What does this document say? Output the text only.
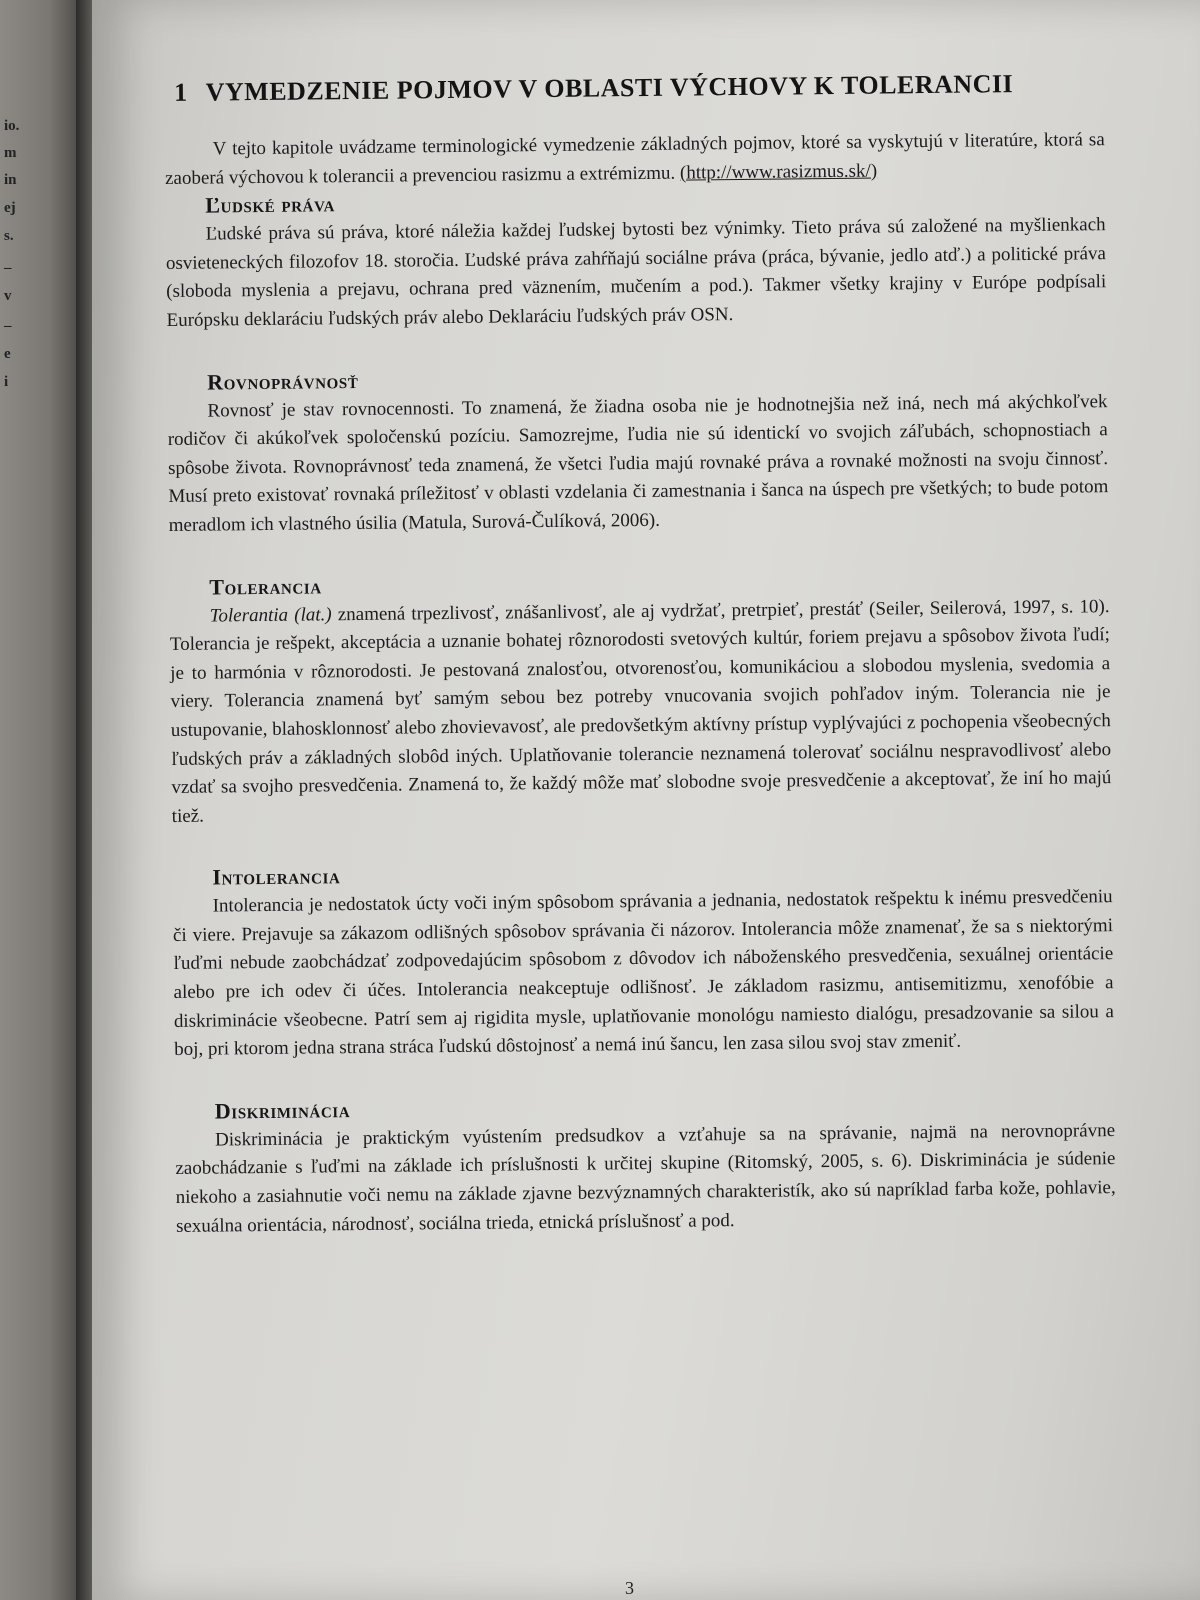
io.
m
in
ej
s.
–
v
–
e
i
1 VYMEDZENIE POJMOV V OBLASTI VÝCHOVY K TOLERANCII

V tejto kapitole uvádzame terminologické vymedzenie základných pojmov, ktoré sa vyskytujú v literatúre, ktorá sa zaoberá výchovou k tolerancii a prevenciou rasizmu a extrémizmu. (http://www.rasizmus.sk/)

Ľudské práva

Ľudské práva sú práva, ktoré náležia každej ľudskej bytosti bez výnimky. Tieto práva sú založené na myšlienkach osvieteneckých filozofov 18. storočia. Ľudské práva zahŕňajú sociálne práva (práca, bývanie, jedlo atď.) a politické práva (sloboda myslenia a prejavu, ochrana pred väznením, mučením a pod.). Takmer všetky krajiny v Európe podpísali Európsku deklaráciu ľudských práv alebo Deklaráciu ľudských práv OSN.

Rovnoprávnosť

Rovnosť je stav rovnocennosti. To znamená, že žiadna osoba nie je hodnotnejšia než iná, nech má akýchkoľvek rodičov či akúkoľvek spoločenskú pozíciu. Samozrejme, ľudia nie sú identickí vo svojich záľubách, schopnostiach a spôsobe života. Rovnoprávnosť teda znamená, že všetci ľudia majú rovnaké práva a rovnaké možnosti na svoju činnosť. Musí preto existovať rovnaká príležitosť v oblasti vzdelania či zamestnania i šanca na úspech pre všetkých; to bude potom meradlom ich vlastného úsilia (Matula, Surová-Čulíková, 2006).

Tolerancia

Tolerantia (lat.) znamená trpezlivosť, znášanlivosť, ale aj vydržať, pretrpieť, prestáť (Seiler, Seilerová, 1997, s. 10). Tolerancia je rešpekt, akceptácia a uznanie bohatej rôznorodosti svetových kultúr, foriem prejavu a spôsobov života ľudí; je to harmónia v rôznorodosti. Je pestovaná znalosťou, otvorenosťou, komunikáciou a slobodou myslenia, svedomia a viery. Tolerancia znamená byť samým sebou bez potreby vnucovania svojich pohľadov iným. Tolerancia nie je ustupovanie, blahosklonnosť alebo zhovievavosť, ale predovšetkým aktívny prístup vyplývajúci z pochopenia všeobecných ľudských práv a základných slobôd iných. Uplatňovanie tolerancie neznamená tolerovať sociálnu nespravodlivosť alebo vzdať sa svojho presvedčenia. Znamená to, že každý môže mať slobodne svoje presvedčenie a akceptovať, že iní ho majú tiež.

Intolerancia

Intolerancia je nedostatok úcty voči iným spôsobom správania a jednania, nedostatok rešpektu k inému presvedčeniu či viere. Prejavuje sa zákazom odlišných spôsobov správania či názorov. Intolerancia môže znamenať, že sa s niektorými ľuďmi nebude zaobchádzať zodpovedajúcim spôsobom z dôvodov ich náboženského presvedčenia, sexuálnej orientácie alebo pre ich odev či účes. Intolerancia neakceptuje odlišnosť. Je základom rasizmu, antisemitizmu, xenofóbie a diskriminácie všeobecne. Patrí sem aj rigidita mysle, uplatňovanie monológu namiesto dialógu, presadzovanie sa silou a boj, pri ktorom jedna strana stráca ľudskú dôstojnosť a nemá inú šancu, len zasa silou svoj stav zmeniť.

Diskriminácia

Diskriminácia je praktickým vyústením predsudkov a vzťahuje sa na správanie, najmä na nerovnoprávne zaobchádzanie s ľuďmi na základe ich príslušnosti k určitej skupine (Ritomský, 2005, s. 6). Diskriminácia je súdenie niekoho a zasiahnutie voči nemu na základe zjavne bezvýznamných charakteristík, ako sú napríklad farba kože, pohlavie, sexuálna orientácia, národnosť, sociálna trieda, etnická príslušnosť a pod.

3
